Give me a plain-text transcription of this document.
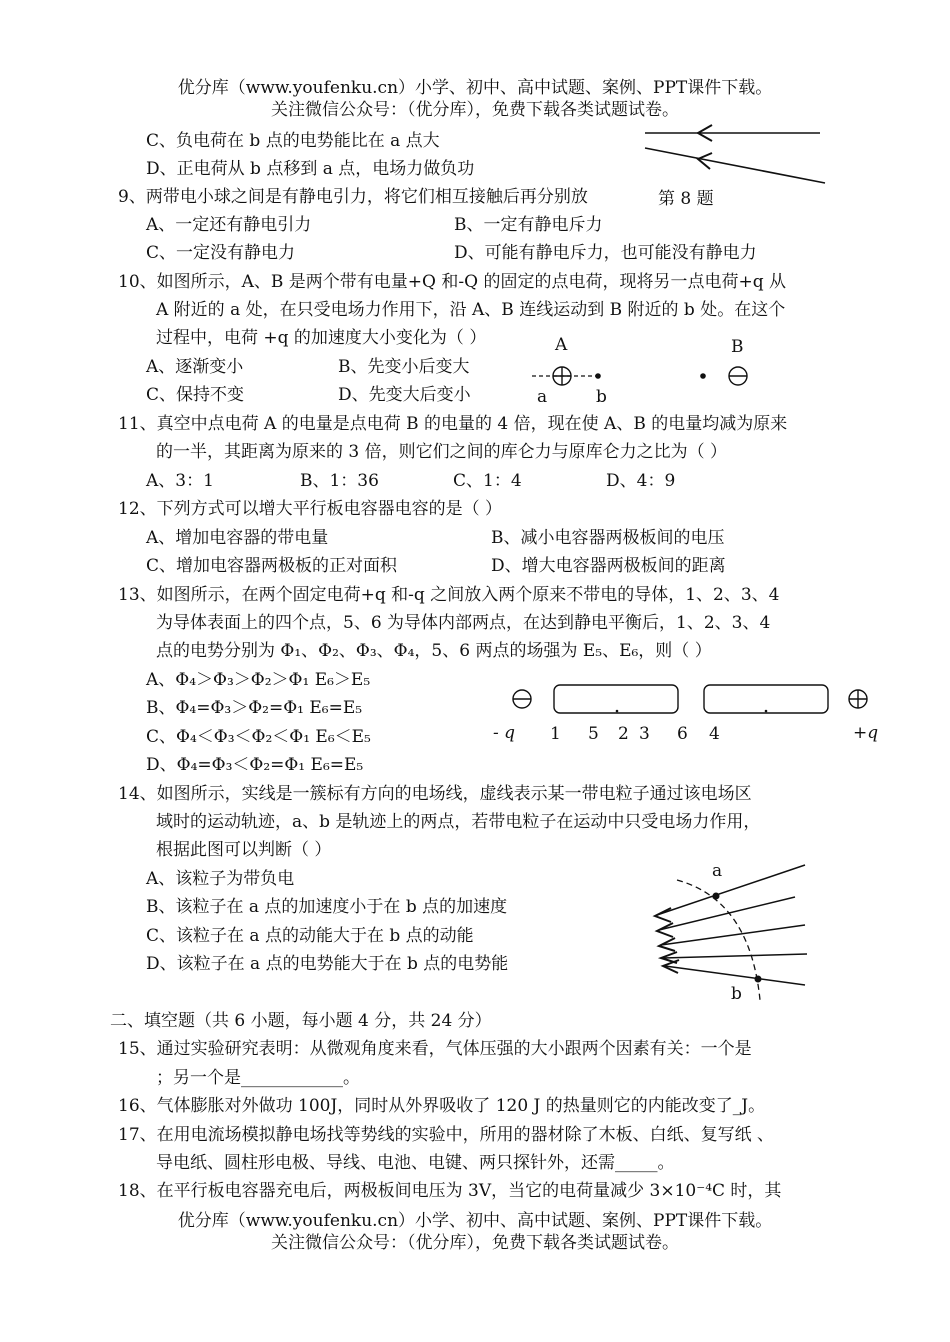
优分库（www.youfenku.cn）小学、初中、高中试题、案例、PPT课件下载。
关注微信公众号：（优分库），免费下载各类试题试卷。
C、负电荷在 b 点的电势能比在 a 点大
D、正电荷从 b 点移到 a 点，电场力做负功
第 8 题
9、两带电小球之间是有静电引力，将它们相互接触后再分别放
A、一定还有静电引力	B、一定有静电斥力
C、一定没有静电力	D、可能有静电斥力，也可能没有静电力
10、如图所示，A、B 是两个带有电量+Q 和-Q 的固定的点电荷，现将另一点电荷+q 从
A 附近的 a 处，在只受电场力作用下，沿 A、B 连线运动到 B 附近的 b 处。在这个
过程中，电荷 +q 的加速度大小变化为（ ）
A、逐渐变小	B、先变小后变大
C、保持不变	D、先变大后变小
A	B
a	b
11、真空中点电荷 A 的电量是点电荷 B 的电量的 4 倍，现在使 A、B 的电量均减为原来
的一半，其距离为原来的 3 倍，则它们之间的库仑力与原库仑力之比为（ ）
A、3：1	B、1：36	C、1：4	D、4：9
12、下列方式可以增大平行板电容器电容的是（ ）
A、增加电容器的带电量	B、减小电容器两极板间的电压
C、增加电容器两极板的正对面积	D、增大电容器两极板间的距离
13、如图所示，在两个固定电荷+q 和-q 之间放入两个原来不带电的导体，1、2、3、4
为导体表面上的四个点，5、6 为导体内部两点，在达到静电平衡后，1、2、3、4
点的电势分别为 Φ₁、Φ₂、Φ₃、Φ₄，5、6 两点的场强为 E₅、E₆，则（ ）
A、Φ₄＞Φ₃＞Φ₂＞Φ₁ E₆＞E₅
B、Φ₄=Φ₃＞Φ₂=Φ₁ E₆=E₅
C、Φ₄＜Φ₃＜Φ₂＜Φ₁ E₆＜E₅
D、Φ₄=Φ₃＜Φ₂=Φ₁ E₆=E₅
- q	+q
1 5 2 3 6 4
14、如图所示，实线是一簇标有方向的电场线，虚线表示某一带电粒子通过该电场区
域时的运动轨迹，a、b 是轨迹上的两点，若带电粒子在运动中只受电场力作用，
根据此图可以判断（ ）
A、该粒子为带负电
B、该粒子在 a 点的加速度小于在 b 点的加速度
C、该粒子在 a 点的动能大于在 b 点的动能
D、该粒子在 a 点的电势能大于在 b 点的电势能
a
b
二、填空题（共 6 小题，每小题 4 分，共 24 分）
15、通过实验研究表明：从微观角度来看，气体压强的大小跟两个因素有关：一个是
；另一个是____________。
16、气体膨胀对外做功 100J，同时从外界吸收了 120 J 的热量则它的内能改变了_J。
17、在用电流场模拟静电场找等势线的实验中，所用的器材除了木板、白纸、复写纸 、
导电纸、圆柱形电极、导线、电池、电键、两只探针外，还需_____。
18、在平行板电容器充电后，两极板间电压为 3V，当它的电荷量减少 3×10⁻⁴C 时，其
优分库（www.youfenku.cn）小学、初中、高中试题、案例、PPT课件下载。
关注微信公众号：（优分库），免费下载各类试题试卷。
